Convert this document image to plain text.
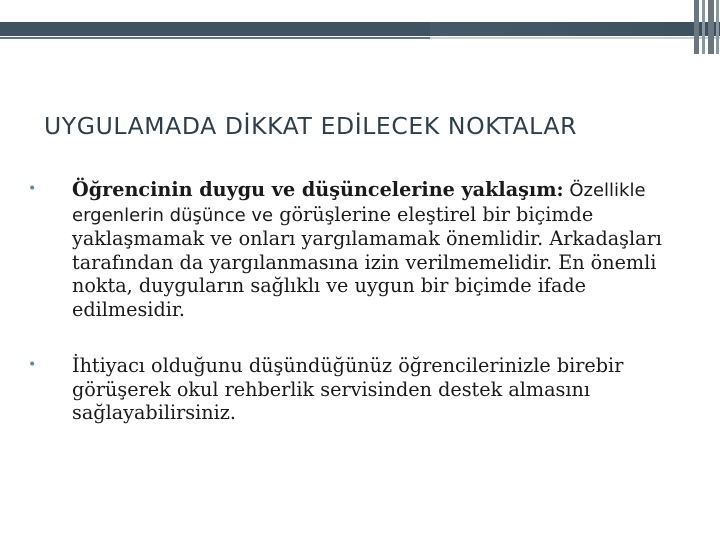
UYGULAMADA DİKKAT EDİLECEK NOKTALAR
• Öğrencinin duygu ve düşüncelerine yaklaşım: Özellikle ergenlerin düşünce ve görüşlerine eleştirel bir biçimde yaklaşmamak ve onları yargılamamak önemlidir. Arkadaşları tarafından da yargılanmasına izin verilmemelidir. En önemli nokta, duyguların sağlıklı ve uygun bir biçimde ifade edilmesidir.
• İhtiyacı olduğunu düşündüğünüz öğrencilerinizle birebir görüşerek okul rehberlik servisinden destek almasını sağlayabilirsiniz.
